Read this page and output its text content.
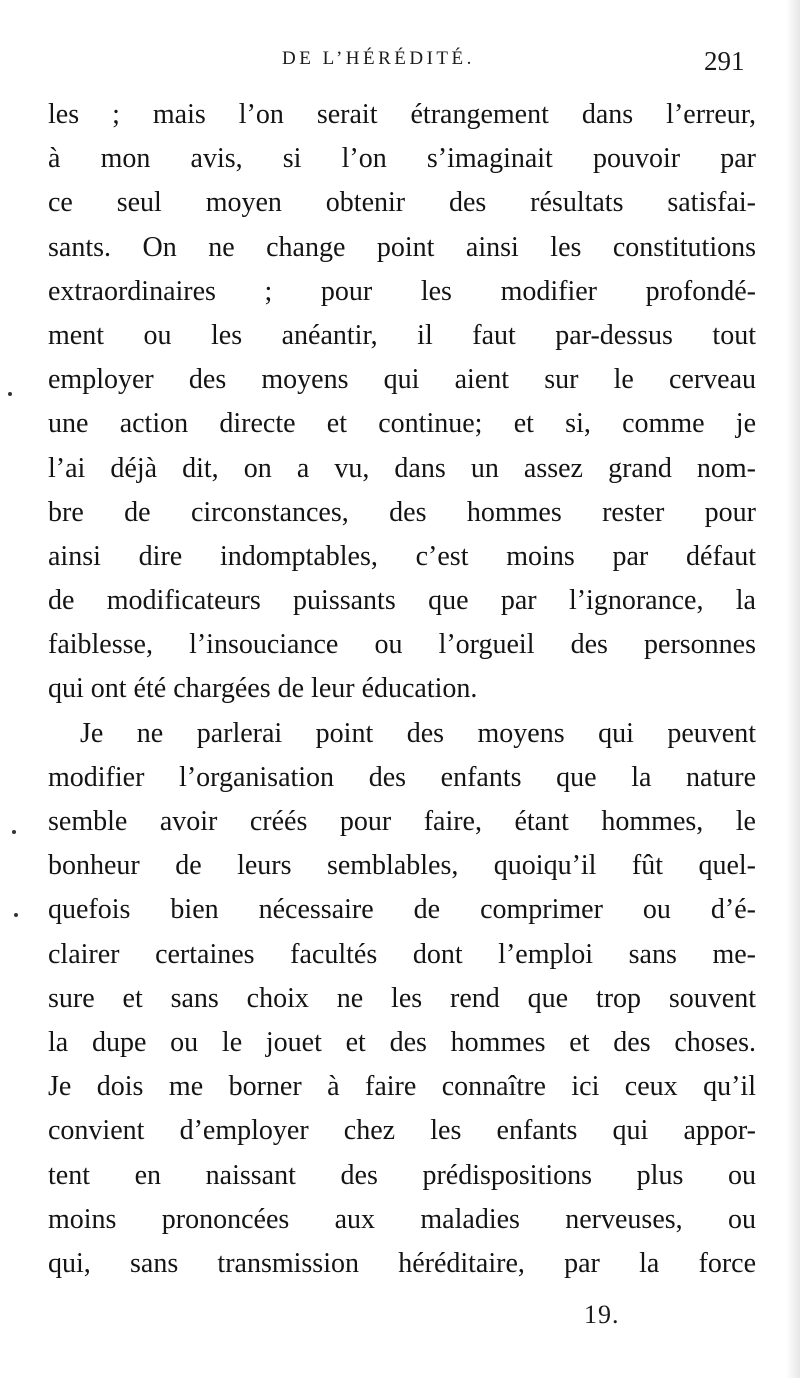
DE L’HÉRÉDITÉ.	291
les ; mais l’on serait étrangement dans l’erreur,
à mon avis, si l’on s’imaginait pouvoir par
ce seul moyen obtenir des résultats satisfai-
sants. On ne change point ainsi les constitutions
extraordinaires ; pour les modifier profondé-
ment ou les anéantir, il faut par-dessus tout
employer des moyens qui aient sur le cerveau
une action directe et continue; et si, comme je
l’ai déjà dit, on a vu, dans un assez grand nom-
bre de circonstances, des hommes rester pour
ainsi dire indomptables, c’est moins par défaut
de modificateurs puissants que par l’ignorance, la
faiblesse, l’insouciance ou l’orgueil des personnes
qui ont été chargées de leur éducation.
Je ne parlerai point des moyens qui peuvent
modifier l’organisation des enfants que la nature
semble avoir créés pour faire, étant hommes, le
bonheur de leurs semblables, quoiqu’il fût quel-
quefois bien nécessaire de comprimer ou d’é-
clairer certaines facultés dont l’emploi sans me-
sure et sans choix ne les rend que trop souvent
la dupe ou le jouet et des hommes et des choses.
Je dois me borner à faire connaître ici ceux qu’il
convient d’employer chez les enfants qui appor-
tent en naissant des prédispositions plus ou
moins prononcées aux maladies nerveuses, ou
qui, sans transmission héréditaire, par la force
19.
